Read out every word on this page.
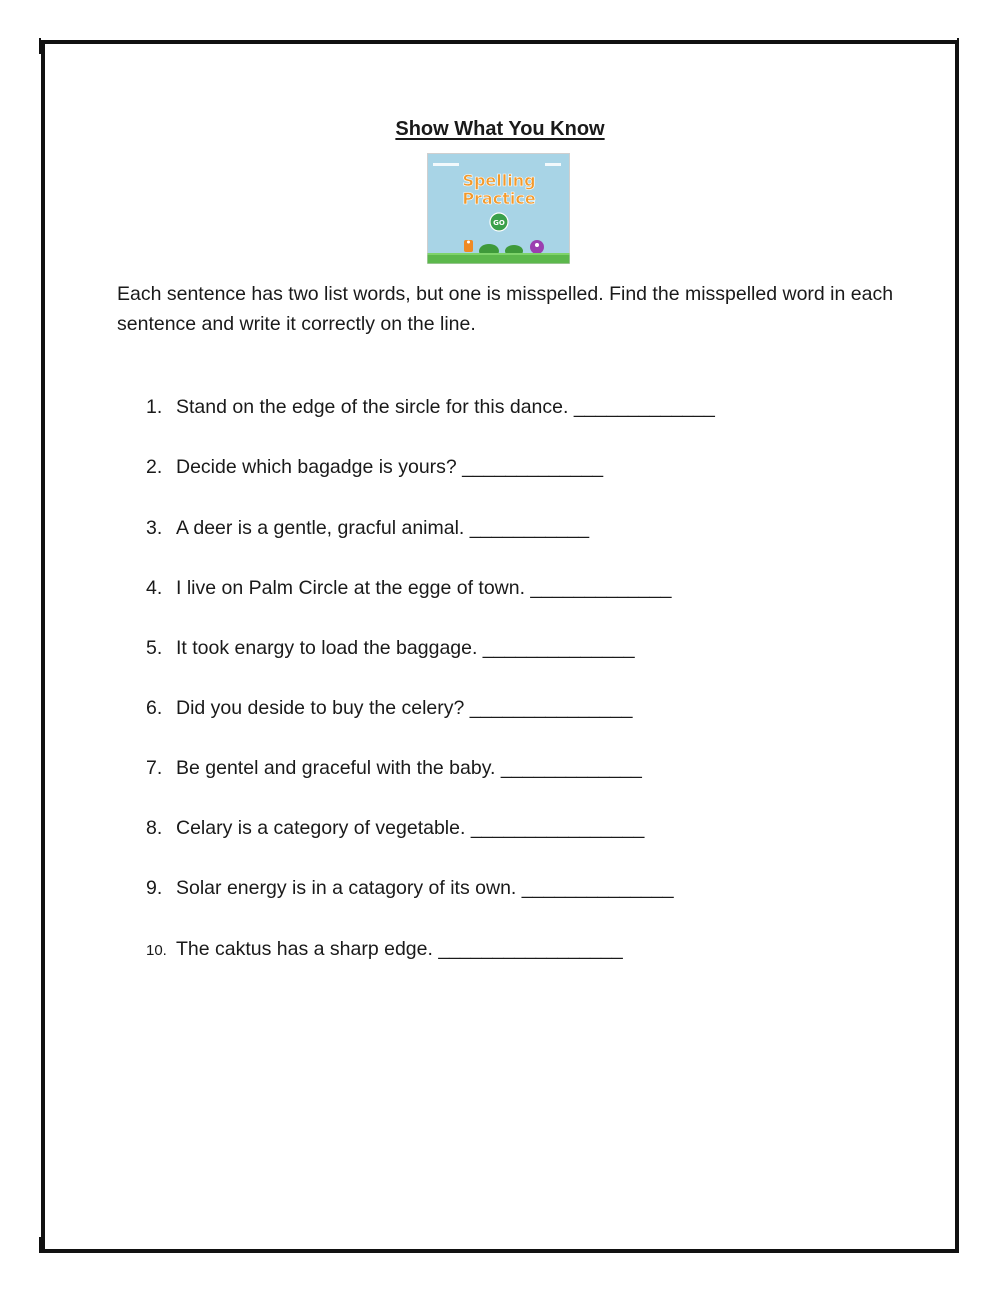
Show What You Know
Spelling
Practice
GO
Each sentence has two list words, but one is misspelled. Find the misspelled word in each sentence and write it correctly on the line.
1. Stand on the edge of the sircle for this dance. _____________
2. Decide which bagadge is yours? _____________
3. A deer is a gentle, gracful animal. ___________
4. I live on Palm Circle at the egge of town. _____________
5. It took enargy to load the baggage. ______________
6. Did you deside to buy the celery? _______________
7. Be gentel and graceful with the baby. _____________
8. Celary is a category of vegetable. ________________
9. Solar energy is in a catagory of its own. ______________
10. The caktus has a sharp edge. _________________
